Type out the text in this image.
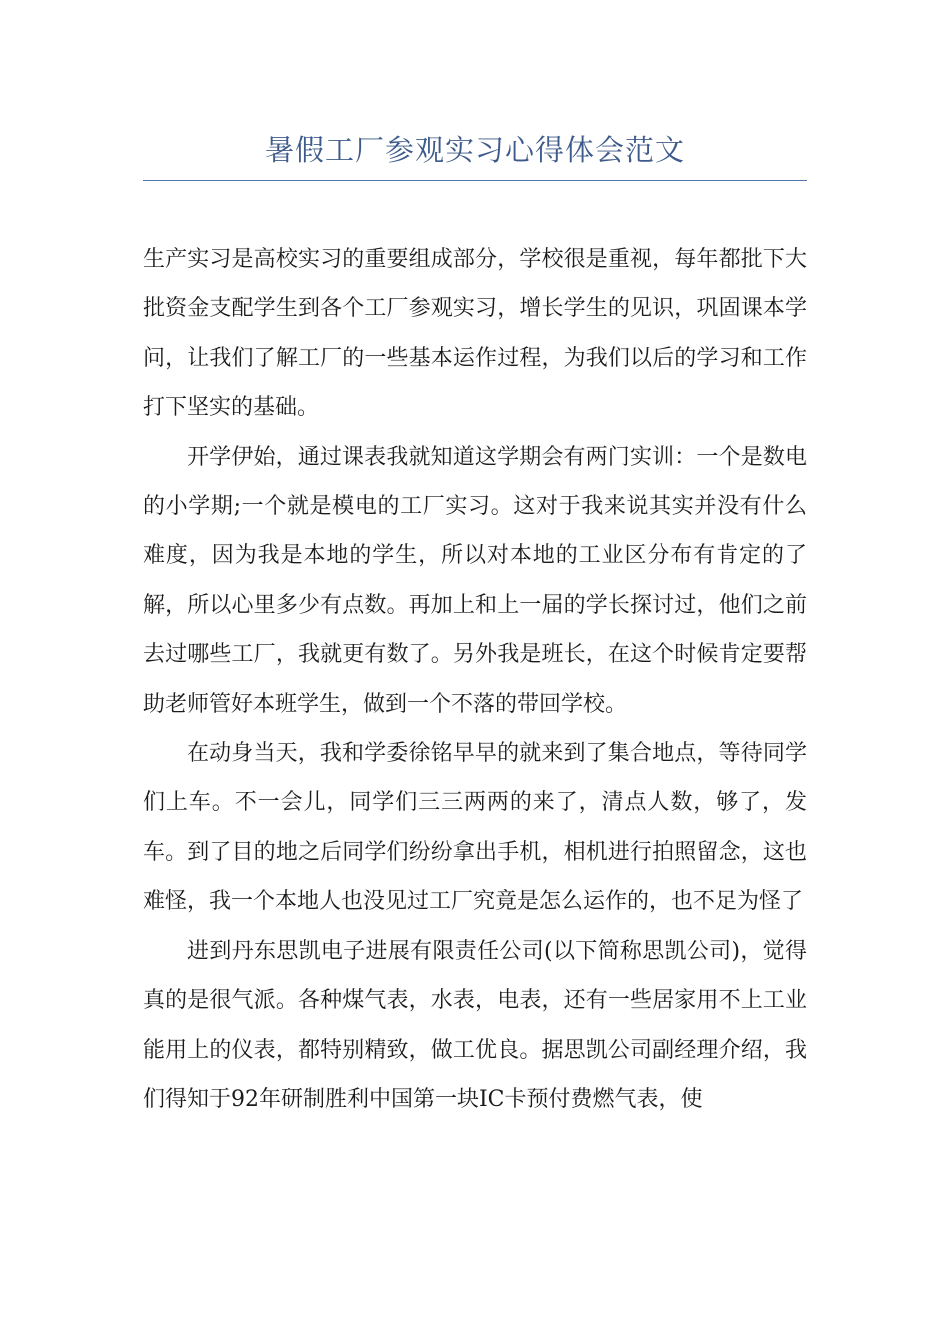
暑假工厂参观实习心得体会范文

生产实习是高校实习的重要组成部分，学校很是重视，每年都批下大批资金支配学生到各个工厂参观实习，增长学生的见识，巩固课本学问，让我们了解工厂的一些基本运作过程，为我们以后的学习和工作打下坚实的基础。

开学伊始，通过课表我就知道这学期会有两门实训：一个是数电的小学期;一个就是模电的工厂实习。这对于我来说其实并没有什么难度，因为我是本地的学生，所以对本地的工业区分布有肯定的了解，所以心里多少有点数。再加上和上一届的学长探讨过，他们之前去过哪些工厂，我就更有数了。另外我是班长，在这个时候肯定要帮助老师管好本班学生，做到一个不落的带回学校。

在动身当天，我和学委徐铭早早的就来到了集合地点，等待同学们上车。不一会儿，同学们三三两两的来了，清点人数，够了，发车。到了目的地之后同学们纷纷拿出手机，相机进行拍照留念，这也难怪，我一个本地人也没见过工厂究竟是怎么运作的，也不足为怪了

进到丹东思凯电子进展有限责任公司(以下简称思凯公司)，觉得真的是很气派。各种煤气表，水表，电表，还有一些居家用不上工业能用上的仪表，都特别精致，做工优良。据思凯公司副经理介绍，我们得知于92年研制胜利中国第一块IC卡预付费燃气表，使
